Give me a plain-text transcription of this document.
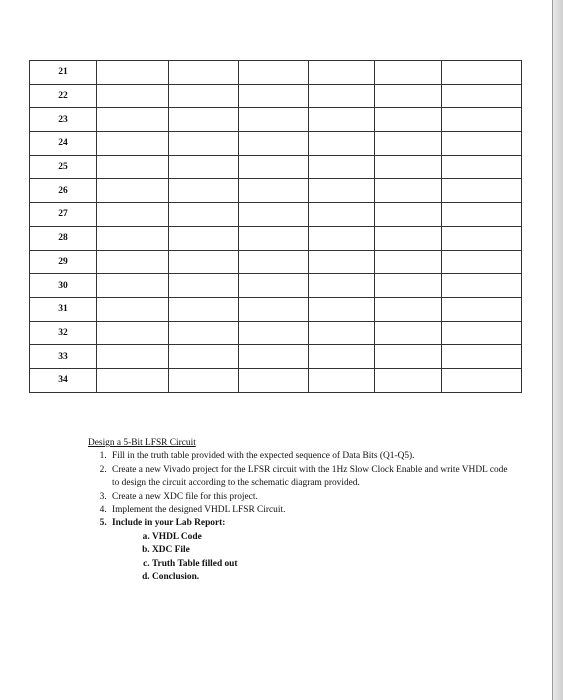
21						
22						
23						
24						
25						
26						
27						
28						
29						
30						
31						
32						
33						
34						
Design a 5-Bit LFSR Circuit
1. Fill in the truth table provided with the expected sequence of Data Bits (Q1-Q5).
2. Create a new Vivado project for the LFSR circuit with the 1Hz Slow Clock Enable and write VHDL code to design the circuit according to the schematic diagram provided.
3. Create a new XDC file for this project.
4. Implement the designed VHDL LFSR Circuit.
5. Include in your Lab Report:
a. VHDL Code
b. XDC File
c. Truth Table filled out
d. Conclusion.
